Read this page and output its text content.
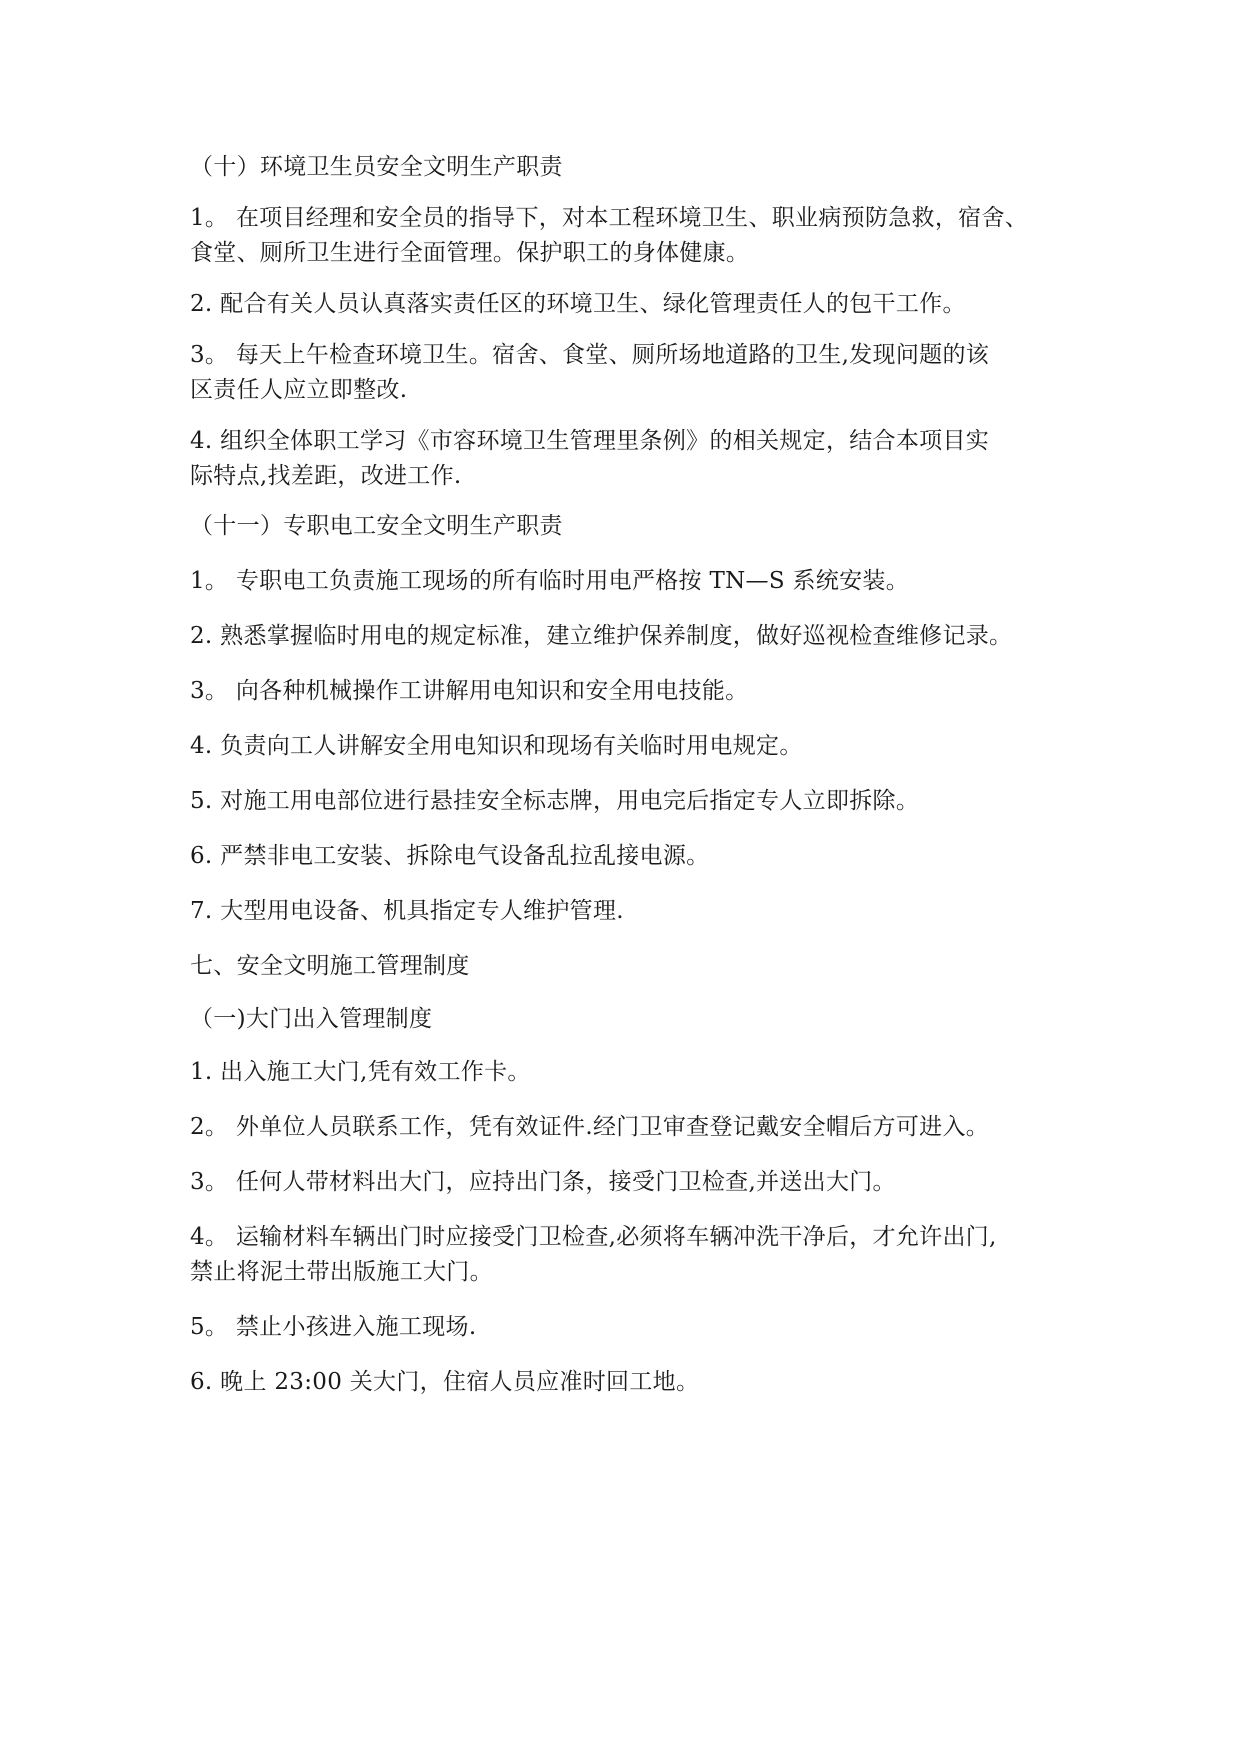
（十）环境卫生员安全文明生产职责
1。 在项目经理和安全员的指导下，对本工程环境卫生、职业病预防急救，宿舍、
食堂、厕所卫生进行全面管理。保护职工的身体健康。
2. 配合有关人员认真落实责任区的环境卫生、绿化管理责任人的包干工作。
3。 每天上午检查环境卫生。宿舍、食堂、厕所场地道路的卫生,发现问题的该
区责任人应立即整改.
4. 组织全体职工学习《市容环境卫生管理里条例》的相关规定，结合本项目实
际特点,找差距，改进工作.
（十一）专职电工安全文明生产职责
1。 专职电工负责施工现场的所有临时用电严格按 TN—S 系统安装。
2. 熟悉掌握临时用电的规定标准，建立维护保养制度，做好巡视检查维修记录。
3。 向各种机械操作工讲解用电知识和安全用电技能。
4. 负责向工人讲解安全用电知识和现场有关临时用电规定。
5. 对施工用电部位进行悬挂安全标志牌，用电完后指定专人立即拆除。
6. 严禁非电工安装、拆除电气设备乱拉乱接电源。
7. 大型用电设备、机具指定专人维护管理.
七、安全文明施工管理制度
（一)大门出入管理制度
1. 出入施工大门,凭有效工作卡。
2。 外单位人员联系工作，凭有效证件.经门卫审查登记戴安全帽后方可进入。
3。 任何人带材料出大门，应持出门条，接受门卫检查,并送出大门。
4。 运输材料车辆出门时应接受门卫检查,必须将车辆冲洗干净后，才允许出门,
禁止将泥土带出版施工大门。
5。 禁止小孩进入施工现场.
6. 晚上 23:00 关大门，住宿人员应准时回工地。
